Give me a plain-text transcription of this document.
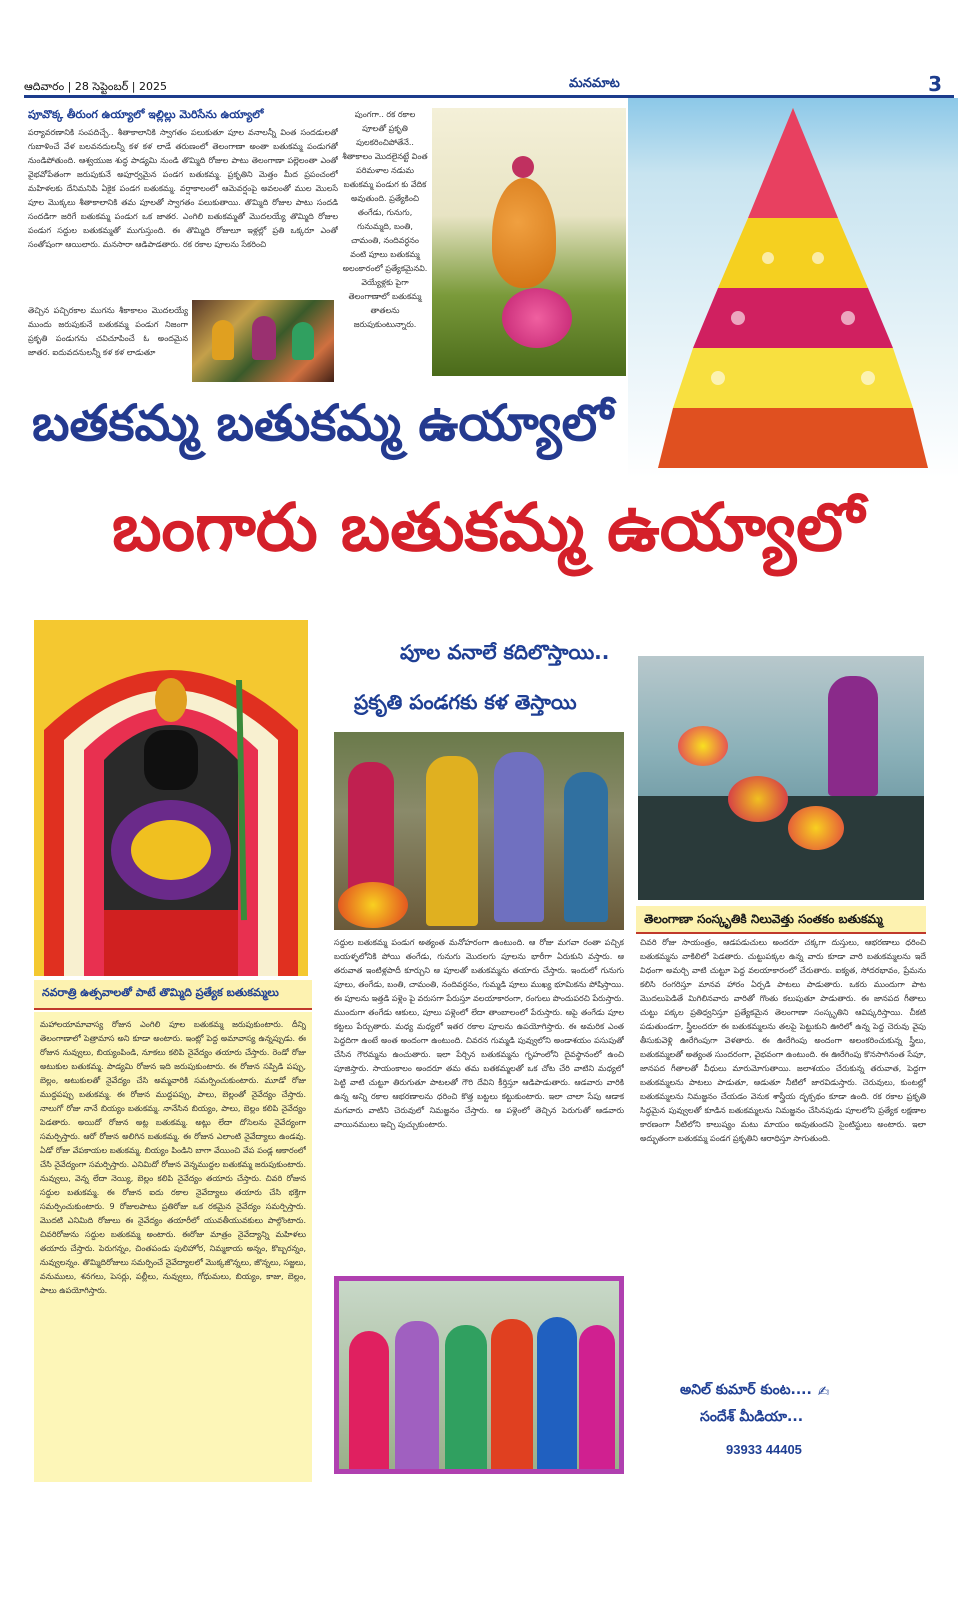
ఆదివారం | 28 సెప్టెంబర్ | 2025	మనమాట	3
పూవొక్క తీరుంగ ఉయ్యాలో ఇల్లిల్లు మెరిసేను ఉయ్యాలో
పర్యావరణానికి సంపదిచ్చే.. శీతాకాలానికి స్వాగతం పలుకుతూ పూల వనాలన్నీ వింత సందడులతో గుబాళించే వేళ బలవనదులన్నీ కళ కళ లాడే తరుణంలో తెలంగాణా అంతా బతుకమ్మ పండుగతో నుండిపోతుంది. ఆశ్వయుజ శుద్ధ పాడ్యమి నుండి తొమ్మిది రోజుల పాటు తెలంగాణా పల్లెలంతా ఎంతో వైభవోపేతంగా జరుపుకునే అపూర్వమైన పండగ బతుకమ్మ. ప్రకృతిని మెత్తం మీద ప్రపంచంలో మహిళలకు దేనిమనిపి ఏకైక పండగ బతుకమ్మ. వర్షాకాలంలో ఆమెవర్షంపై అవలంతో ముల మొలసే పూల మొక్కలు శీతాకాలానికి తమ పూలతో స్వాగతం పలుకుతాయి. తొమ్మిది రోజుల పాటు సందడి సందడిగా జరిగే బతుకమ్మ పండుగ ఒక జాతర. ఎంగిలి బతుకమ్మతో మొదలయ్యే తొమ్మిది రోజుల పండుగ సద్దుల బతుకమ్మతో ముగుస్తుంది. ఈ తొమ్మిది రోజులూ ఇళ్లల్లో ప్రతి ఒక్కరూ ఎంతో సంతోషంగా ఆయిలారు. మనసారా ఆడిపాడతారు. రక రకాల పూలను సేకరించి
తెచ్చిన పచ్చిరకాల ముగను శీకాకాలం మొదలయ్యే ముందు జరుపుకునే బతుకమ్మ పండుగ నిజంగా ప్రకృతి పండుగను చవిచూపించే ఓ అందమైన జాతర. ఐదువదనులన్నీ కళ కళ లాడుతూ
పుంగగా.. రక రకాల పూలతో ప్రకృతి పులకరించిపోతేనే.. శీతాకాలం మొదలైనట్టే వింత పరిమళాల నడుమ బతుకమ్మ పండుగ కు వేదిక అవుతుంది. ప్రత్యేకించి తంగేడు, గునుగు, గునుమ్మది, బంతి, చామంతి, నందివర్ధనం వంటి పూలు బతుకమ్మ అలంకారంలో ప్రత్యేకమైనవి. వెయ్యేళ్లకు పైగా తెలంగాణాలో బతుకమ్మ తాతలను జరుపుకుంటున్నారు.
బతకమ్మ బతుకమ్మ ఉయ్యాలో
బంగారు బతుకమ్మ ఉయ్యాలో
పూల వనాలే కదిలొస్తాయి..
ప్రకృతి పండగకు కళ తెస్తాయి
తెలంగాణా సంస్కృతికి నిలువెత్తు సంతకం బతుకమ్మ
నవరాత్రి ఉత్సవాలతో పాటే తొమ్మిది ప్రత్యేక బతుకమ్మలు
మహాలయామావాస్య రోజున ఎంగిలి పూల బతుకమ్మ జరుపుకుంటారు. దీన్ని తెలంగాణాలో పెత్రామాస అని కూడా అంటారు. ఇంట్లో పెద్ద అమావాస్య ఉన్నప్పుడు. ఈ రోజున నువ్వులు, బియ్యంపిండి, నూకలు కలిపి నైవేద్యం తయారు చేస్తారు. రెండో రోజు అటుకుల బతుకమ్మ. పాడ్యమి రోజున ఇది జరుపుకుంటారు. ఈ రోజున సప్పిడి పప్పు, బెల్లం, అటుకులతో నైవేద్యం చేసి అమ్మవారికి సమర్పించుకుంటారు. మూడో రోజు ముద్దపప్పు బతుకమ్మ. ఈ రోజున ముద్దపప్పు, పాలు, బెల్లంతో నైవేద్యం చేస్తారు. నాలుగో రోజు నానే బియ్యం బతుకమ్మ. నానేసిన బియ్యం, పాలు, బెల్లం కలిపి నైవేద్యం పెడతారు. అయిదో రోజున అట్ల బతుకమ్మ. అట్లు లేదా దోసెలను నైవేద్యంగా సమర్పిస్తారు. ఆరో రోజున అలిగిన బతుకమ్మ. ఈ రోజున ఎలాంటి నైవేద్యాలు ఉండవు. ఏడో రోజు వేపకాయల బతుకమ్మ. బియ్యం పిండిని బాగా వేయించి వేప పండ్ల ఆకారంలో చేసి నైవేద్యంగా సమర్పిస్తారు. ఎనిమిదో రోజున వెన్నముద్దల బతుకమ్మ జరుపుకుంటారు. నువ్వులు, వెన్న లేదా నెయ్యి, బెల్లం కలిపి నైవేద్యం తయారు చేస్తారు. చివరి రోజున సద్దుల బతుకమ్మ. ఈ రోజున ఐదు రకాల నైవేద్యాలు తయారు చేసి భక్తిగా సమర్పించుకుంటారు. 9 రోజులపాటు ప్రతిరోజు ఒక రకమైన నైవేద్యం సమర్పిస్తారు. మొదటి ఎనిమిది రోజులు ఈ నైవేద్యం తయారీలో యువతీయువకులు పాల్గొంటారు. చివరిరోజును సద్దుల బతుకమ్మ అంటారు. ఈరోజు మాత్రం నైవేద్యాన్ని మహిళలు తయారు చేస్తారు. పెరుగన్నం, చింతపండు పులిహోర, నిమ్మకాయ అన్నం, కొబ్బరన్నం, నువ్వులన్నం. తొమ్మిదిరోజులు సమర్పించే నైవేద్యాలలో మొక్కజొన్నలు, జొన్నలు, సజ్జలు, వనుములు, శనగలు, పెసర్లు, పల్లీలు, నువ్వులు, గోధుమలు, బియ్యం, కాజు, బెల్లం, పాలు ఉపయోగిస్తారు.
సద్దుల బతుకమ్మ పండుగ అత్యంత మనోహరంగా ఉంటుంది. ఆ రోజు మగవా రంతా పచ్చిక బయళ్ళలోనికి పోయి తంగేడు, గునుగు మొదలగు పూలను భారీగా ఏరుకుని వస్తారు. ఆ తరువాత ఇంటిళ్లపాదీ కూర్చుని ఆ పూలతో బతుకమ్మను తయారు చేస్తారు. ఇందులో గునుగు పూలు, తంగేడు, బంతి, చామంతి, నందివర్ధనం, గుమ్మడి పూలు ముఖ్య భూమికను పోషిస్తాయి. ఈ పూలను ఇత్తడి పళ్లెం పై వరుసగా పేరుస్తూ వలయాకారంగా, రంగులు పొందుపరచి పేరుస్తారు. ముందుగా తంగేడు ఆకులు, పూలు పళ్లెంలో లేదా తాంబాలంలో పేరుస్తారు. ఆపై తంగేడు పూల కట్టలు పేర్చుతారు. మధ్య మధ్యలో ఇతర రకాల పూలను ఉపయోగిస్తారు. ఈ అమరిక ఎంత పెద్దదిగా ఉంటే అంత అందంగా ఉంటుంది. చివరన గుమ్మడి పువ్వులోని అండాశయం పసుపుతో చేసిన గౌరమ్మను ఉంచుతారు. ఇలా పేర్చిన బతుకమ్మను గృహంలోని దైవస్థానంలో ఉంచి పూజిస్తారు. సాయంకాలం అందరూ తమ తమ బతకమ్మలతో ఒక చోట చేరి వాటిని మధ్యలో పెట్టి వాటి చుట్టూ తిరుగుతూ పాటలతో గౌరి దేవిని కీర్తిస్తూ ఆడిపాడుతారు. ఆడవారు వారికి ఉన్న అన్ని రకాల ఆభరణాలను ధరించి కొత్త బట్టలు కట్టుకుంటారు. ఇలా చాలా సేపు ఆడాక మగవారు వాటిని చెరువులో నిమజ్జనం చేస్తారు. ఆ పళ్లెంలో తెచ్చిన పెరుగుతో ఆడవారు వాయినములు ఇచ్చి పుచ్చుకుంటారు.
చివరి రోజు సాయంత్రం, ఆడపడుచులు అందరూ చక్కగా దుస్తులు, ఆభరణాలు ధరించి బతుకమ్మను వాకిలిలో పెడతారు. చుట్టుపక్కల ఉన్న వారు కూడా వారి బతుకమ్మలను ఇదే విధంగా అమర్చి వాటి చుట్టూ పెద్ద వలయాకారంలో చేరుతారు. ఐక్యత, సోదరభావం, ప్రేమను కలిసి రంగరిస్తూ మానవ హారం ఏర్పడి పాటలు పాడుతారు. ఒకరు ముందుగా పాట మొదలుపెడితే మిగిలినవారు వారితో గొంతు కలుపుతూ పాడుతారు. ఈ జానపద గీతాలు చుట్టు పక్కల ప్రతిధ్వనిస్తూ ప్రత్యేకమైన తెలంగాణా సంస్కృతిని ఆవిష్కరిస్తాయి. చీకటి పడుతుండగా, స్త్రీలందరూ ఈ బతుకమ్మలను తలపై పెట్టుకుని ఊరిలో ఉన్న పెద్ద చెరువు వైపు తీసుకువెళ్లి ఊరేగింపుగా వెళతారు. ఈ ఊరేగింపు అందంగా అలంకరించుకున్న స్త్రీలు, బతుకమ్మలతో అత్యంత సుందరంగా, వైభవంగా ఉంటుంది. ఈ ఊరేగింపు కొనసాగినంత సేపూ, జానపద గీతాలతో వీధులు మారుమోగుతాయి. జలాశయం చేరుకున్న తరువాత, పెద్దగా బతుకమ్మలను పాటలు పాడుతూ, ఆడుతూ నీటిలో జారవిడుస్తారు. చెరువులు, కుంటల్లో బతుకమ్మలను నిమజ్జనం చేయడం వెనుక శాస్త్రీయ దృక్పథం కూడా ఉంది. రక రకాల ప్రకృతి సిద్ధమైన పువ్వులతో కూడిన బతుకమ్మలను నిమజ్జనం చేసినపుడు పూలలోని ప్రత్యేక లక్షణాల కారణంగా నీటిలోని కాలుష్యం మటు మాయం అవుతుందని సైంటిస్టులు అంటారు. ఇలా అద్భుతంగా బతుకమ్మ పండగ ప్రకృతిని ఆరాధిస్తూ సాగుతుంది.
అనిల్ కుమార్ కుంట.... ✍
సందేశ్ మీడియా...
93933 44405
